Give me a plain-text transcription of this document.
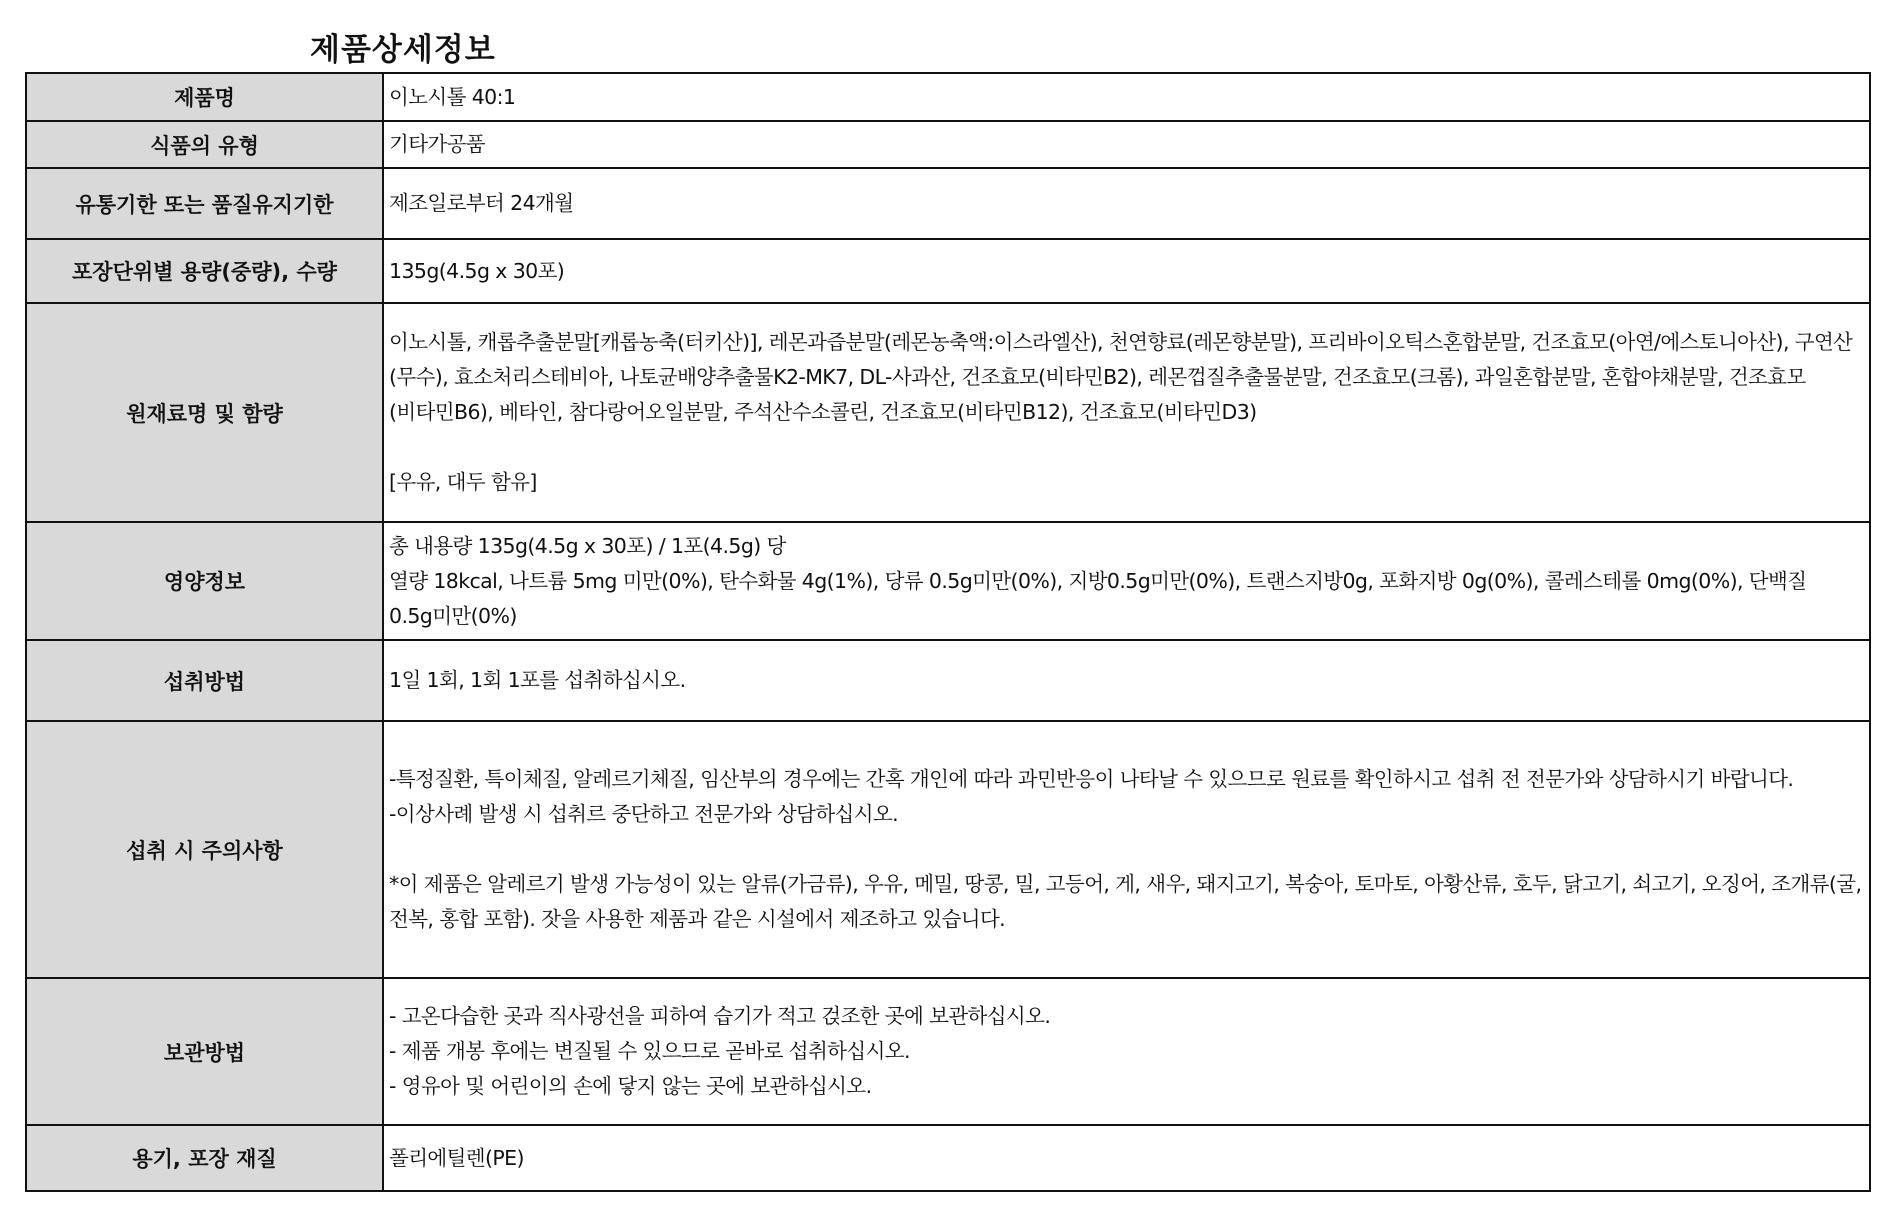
제품상세정보
제품명	이노시톨 40:1

식품의 유형	기타가공품

유통기한 또는 품질유지기한	제조일로부터 24개월

포장단위별 용량(중량), 수량	135g(4.5g x 30포)

원재료명 및 함량	이노시톨, 캐롭추출분말[캐롭농축(터키산)], 레몬과즙분말(레몬농축액:이스라엘산), 천연향료(레몬향분말), 프리바이오틱스혼합분말, 건조효모(아연/에스토니아산), 구연산(무수), 효소처리스테비아, 나토균배양추출물K2-MK7, DL-사과산, 건조효모(비타민B2), 레몬껍질추출물분말, 건조효모(크롬), 과일혼합분말, 혼합야채분말, 건조효모(비타민B6), 베타인, 참다랑어오일분말, 주석산수소콜린, 건조효모(비타민B12), 건조효모(비타민D3)
[우유, 대두 함유]

영양정보	총 내용량 135g(4.5g x 30포) / 1포(4.5g) 당
열량 18kcal, 나트륨 5mg 미만(0%), 탄수화물 4g(1%), 당류 0.5g미만(0%), 지방0.5g미만(0%), 트랜스지방0g, 포화지방 0g(0%), 콜레스테롤 0mg(0%), 단백질 0.5g미만(0%)

섭취방법	1일 1회, 1회 1포를 섭취하십시오.

섭취 시 주의사항	-특정질환, 특이체질, 알레르기체질, 임산부의 경우에는 간혹 개인에 따라 과민반응이 나타날 수 있으므로 원료를 확인하시고 섭취 전 전문가와 상담하시기 바랍니다.
-이상사례 발생 시 섭취르 중단하고 전문가와 상담하십시오.
*이 제품은 알레르기 발생 가능성이 있는 알류(가금류), 우유, 메밀, 땅콩, 밀, 고등어, 게, 새우, 돼지고기, 복숭아, 토마토, 아황산류, 호두, 닭고기, 쇠고기, 오징어, 조개류(굴, 전복, 홍합 포함). 잣을 사용한 제품과 같은 시설에서 제조하고 있습니다.

보관방법	- 고온다습한 곳과 직사광선을 피하여 습기가 적고 걵조한 곳에 보관하십시오.
- 제품 개봉 후에는 변질될 수 있으므로 곧바로 섭취하십시오.
- 영유아 및 어린이의 손에 닿지 않는 곳에 보관하십시오.

용기, 포장 재질	폴리에틸렌(PE)
